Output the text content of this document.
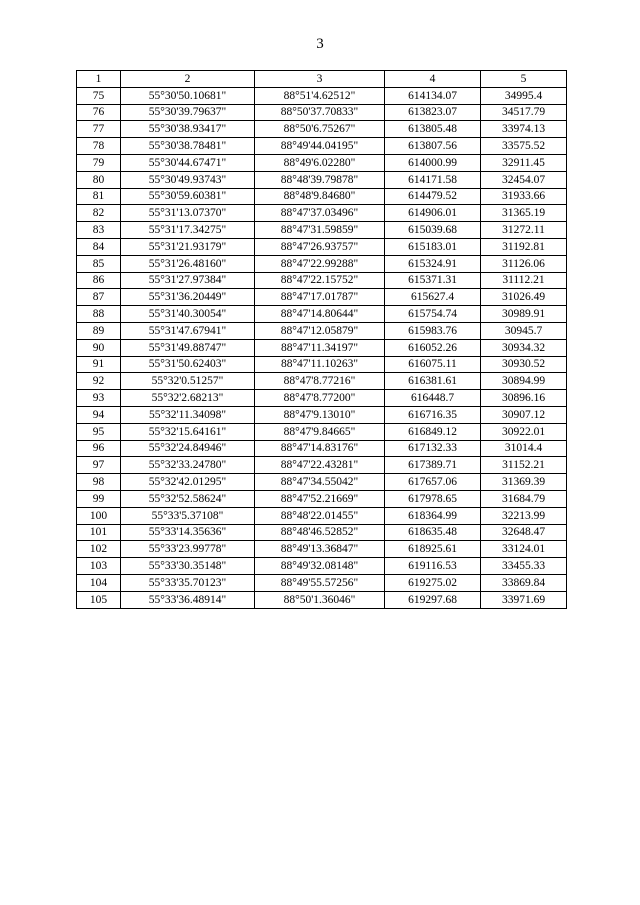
3
1	2	3	4	5
75	55°30'50.10681"	88°51'4.62512"	614134.07	34995.4
76	55°30'39.79637"	88°50'37.70833"	613823.07	34517.79
77	55°30'38.93417"	88°50'6.75267"	613805.48	33974.13
78	55°30'38.78481"	88°49'44.04195"	613807.56	33575.52
79	55°30'44.67471"	88°49'6.02280"	614000.99	32911.45
80	55°30'49.93743"	88°48'39.79878"	614171.58	32454.07
81	55°30'59.60381"	88°48'9.84680"	614479.52	31933.66
82	55°31'13.07370"	88°47'37.03496"	614906.01	31365.19
83	55°31'17.34275"	88°47'31.59859"	615039.68	31272.11
84	55°31'21.93179"	88°47'26.93757"	615183.01	31192.81
85	55°31'26.48160"	88°47'22.99288"	615324.91	31126.06
86	55°31'27.97384"	88°47'22.15752"	615371.31	31112.21
87	55°31'36.20449"	88°47'17.01787"	615627.4	31026.49
88	55°31'40.30054"	88°47'14.80644"	615754.74	30989.91
89	55°31'47.67941"	88°47'12.05879"	615983.76	30945.7
90	55°31'49.88747"	88°47'11.34197"	616052.26	30934.32
91	55°31'50.62403"	88°47'11.10263"	616075.11	30930.52
92	55°32'0.51257"	88°47'8.77216"	616381.61	30894.99
93	55°32'2.68213"	88°47'8.77200"	616448.7	30896.16
94	55°32'11.34098"	88°47'9.13010"	616716.35	30907.12
95	55°32'15.64161"	88°47'9.84665"	616849.12	30922.01
96	55°32'24.84946"	88°47'14.83176"	617132.33	31014.4
97	55°32'33.24780"	88°47'22.43281"	617389.71	31152.21
98	55°32'42.01295"	88°47'34.55042"	617657.06	31369.39
99	55°32'52.58624"	88°47'52.21669"	617978.65	31684.79
100	55°33'5.37108"	88°48'22.01455"	618364.99	32213.99
101	55°33'14.35636"	88°48'46.52852"	618635.48	32648.47
102	55°33'23.99778"	88°49'13.36847"	618925.61	33124.01
103	55°33'30.35148"	88°49'32.08148"	619116.53	33455.33
104	55°33'35.70123"	88°49'55.57256"	619275.02	33869.84
105	55°33'36.48914"	88°50'1.36046"	619297.68	33971.69
